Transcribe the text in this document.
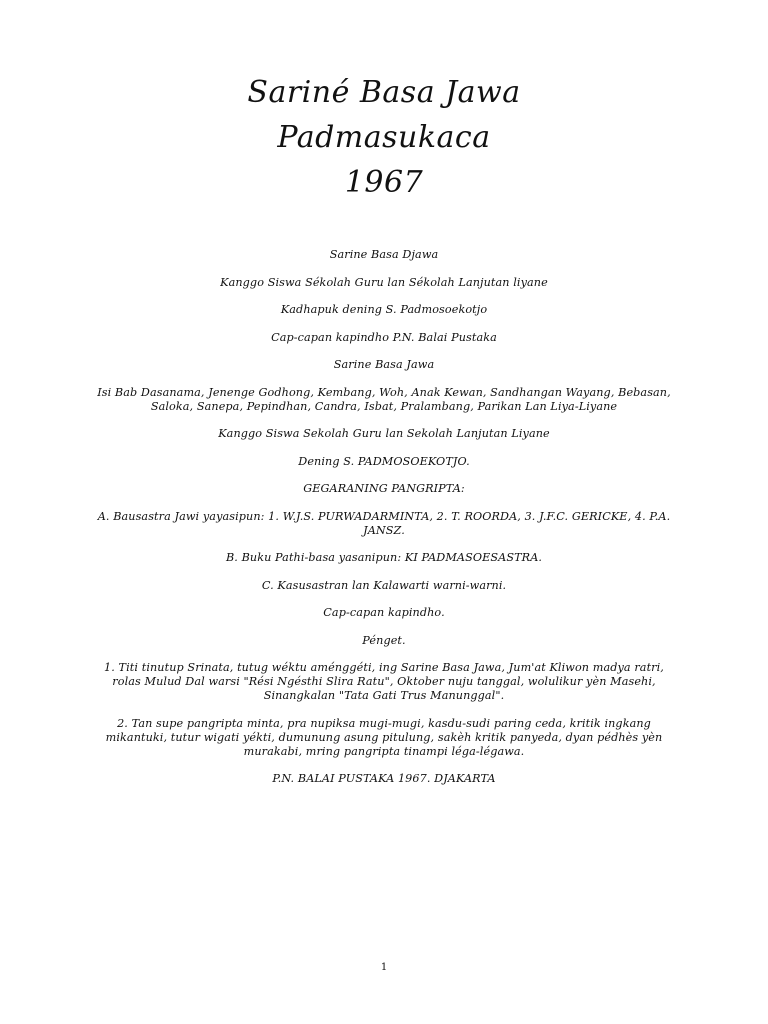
Sariné Basa Jawa
Padmasukaca
1967

Sarine Basa Djawa

Kanggo Siswa Sékolah Guru lan Sékolah Lanjutan liyane

Kadhapuk dening S. Padmosoekotjo

Cap-capan kapindho P.N. Balai Pustaka

Sarine Basa Jawa

Isi Bab Dasanama, Jenenge Godhong, Kembang, Woh, Anak Kewan, Sandhangan Wayang, Bebasan, Saloka, Sanepa, Pepindhan, Candra, Isbat, Pralambang, Parikan Lan Liya-Liyane

Kanggo Siswa Sekolah Guru lan Sekolah Lanjutan Liyane

Dening S. PADMOSOEKOTJO.

GEGARANING PANGRIPTA:

A. Bausastra Jawi yayasipun: 1. W.J.S. PURWADARMINTA, 2. T. ROORDA, 3. J.F.C. GERICKE, 4. P.A. JANSZ.

B. Buku Pathi-basa yasanipun: KI PADMASOESASTRA.

C. Kasusastran lan Kalawarti warni-warni.

Cap-capan kapindho.

Pénget.

1. Titi tinutup Srinata, tutug wéktu aménggéti, ing Sarine Basa Jawa, Jum'at Kliwon madya ratri, rolas Mulud Dal warsi "Rési Ngésthi Slira Ratu", Oktober nuju tanggal, wolulikur yèn Masehi, Sinangkalan "Tata Gati Trus Manunggal".

2. Tan supe pangripta minta, pra nupiksa mugi-mugi, kasdu-sudi paring ceda, kritik ingkang mikantuki, tutur wigati yékti, dumunung asung pitulung, sakèh kritik panyeda, dyan pédhès yèn murakabi, mring pangripta tinampi léga-légawa.

P.N. BALAI PUSTAKA 1967. DJAKARTA

1
